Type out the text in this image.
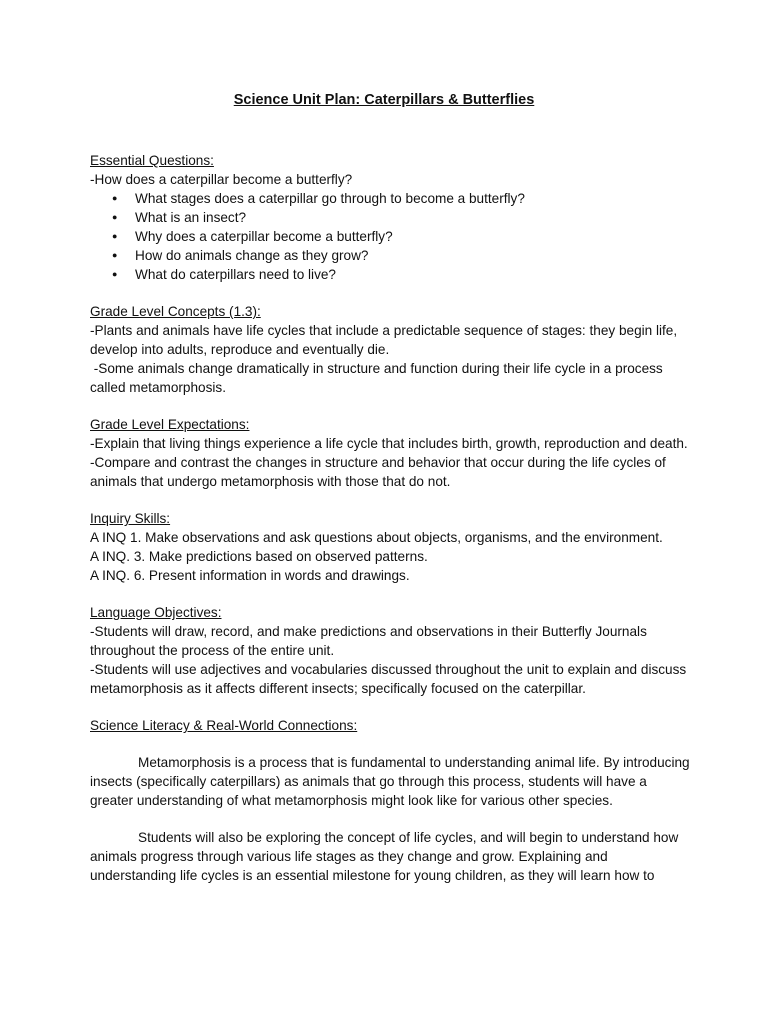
Science Unit Plan: Caterpillars & Butterflies
Essential Questions:
-How does a caterpillar become a butterfly?
● What stages does a caterpillar go through to become a butterfly?
● What is an insect?
● Why does a caterpillar become a butterfly?
● How do animals change as they grow?
● What do caterpillars need to live?
Grade Level Concepts (1.3):
-Plants and animals have life cycles that include a predictable sequence of stages: they begin life, develop into adults, reproduce and eventually die.
-Some animals change dramatically in structure and function during their life cycle in a process called metamorphosis.
Grade Level Expectations:
-Explain that living things experience a life cycle that includes birth, growth, reproduction and death.
-Compare and contrast the changes in structure and behavior that occur during the life cycles of animals that undergo metamorphosis with those that do not.
Inquiry Skills:
A INQ 1. Make observations and ask questions about objects, organisms, and the environment.
A INQ. 3. Make predictions based on observed patterns.
A INQ. 6. Present information in words and drawings.
Language Objectives:
-Students will draw, record, and make predictions and observations in their Butterfly Journals throughout the process of the entire unit.
-Students will use adjectives and vocabularies discussed throughout the unit to explain and discuss metamorphosis as it affects different insects; specifically focused on the caterpillar.
Science Literacy & Real-World Connections:
Metamorphosis is a process that is fundamental to understanding animal life. By introducing insects (specifically caterpillars) as animals that go through this process, students will have a greater understanding of what metamorphosis might look like for various other species.
Students will also be exploring the concept of life cycles, and will begin to understand how animals progress through various life stages as they change and grow. Explaining and understanding life cycles is an essential milestone for young children, as they will learn how to
